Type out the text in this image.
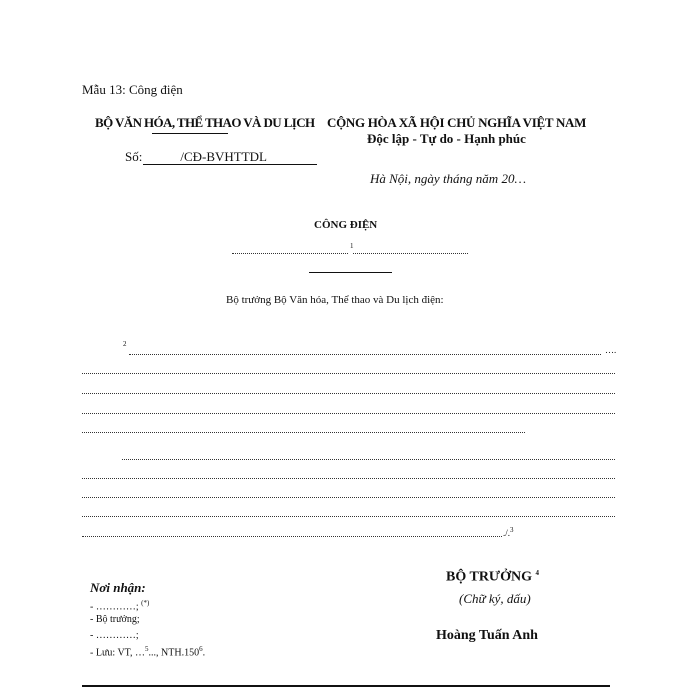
Mẫu 13: Công điện
BỘ VĂN HÓA, THỂ THAO VÀ DU LỊCH
Số:	/CĐ-BVHTTDL
CỘNG HÒA XÃ HỘI CHỦ NGHĨA VIỆT NAM
Độc lập - Tự do - Hạnh phúc
Hà Nội, ngày tháng năm 20…
CÔNG ĐIỆN
1
Bộ trưởng Bộ Văn hóa, Thể thao và Du lịch điện:
2
….
./.$^3$
Nơi nhận:
- …………; (*)
- Bộ trưởng;
- …………;
- Lưu: VT, …$^5$..., NTH.150$^6$.
BỘ TRƯỞNG $^4$
(Chữ ký, dấu)
Hoàng Tuấn Anh
